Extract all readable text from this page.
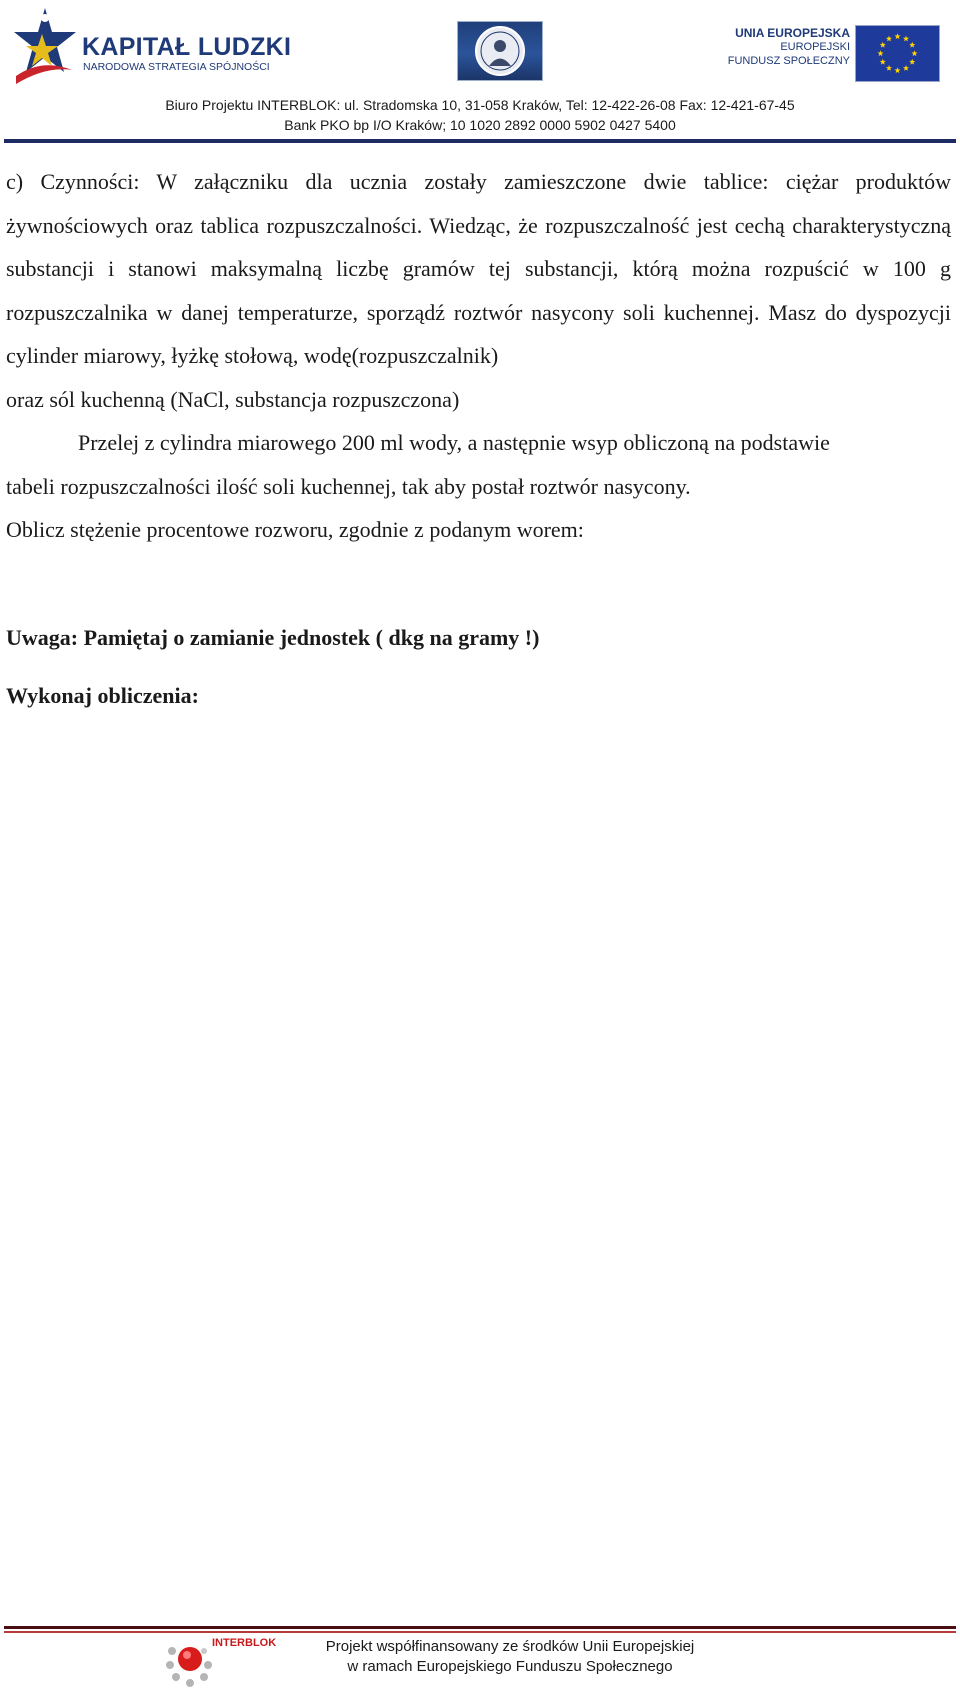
KAPITAŁ LUDZKI
NARODOWA STRATEGIA SPÓJNOŚCI
UNIA EUROPEJSKA
EUROPEJSKI
FUNDUSZ SPOŁECZNY
Biuro Projektu INTERBLOK: ul. Stradomska 10, 31-058 Kraków, Tel: 12-422-26-08 Fax: 12-421-67-45
Bank PKO bp I/O Kraków; 10 1020 2892 0000 5902 0427 5400

c) Czynności: W załączniku dla ucznia zostały zamieszczone dwie tablice: ciężar produktów żywnościowych oraz tablica rozpuszczalności. Wiedząc, że rozpuszczalność jest cechą charakterystyczną substancji i stanowi maksymalną liczbę gramów tej substancji, którą można rozpuścić w 100 g rozpuszczalnika w danej temperaturze, sporządź roztwór nasycony soli kuchennej. Masz do dyspozycji cylinder miarowy, łyżkę stołową, wodę(rozpuszczalnik)

oraz sól kuchenną (NaCl, substancja rozpuszczona)

Przelej z cylindra miarowego 200 ml wody, a następnie wsyp obliczoną na podstawie

tabeli rozpuszczalności ilość soli kuchennej, tak aby postał roztwór nasycony.

Oblicz stężenie procentowe rozworu, zgodnie z podanym worem:

Uwaga: Pamiętaj o zamianie jednostek ( dkg na gramy !)
Wykonaj obliczenia:
INTERBLOK	Projekt współfinansowany ze środków Unii Europejskiej
w ramach Europejskiego Funduszu Społecznego
